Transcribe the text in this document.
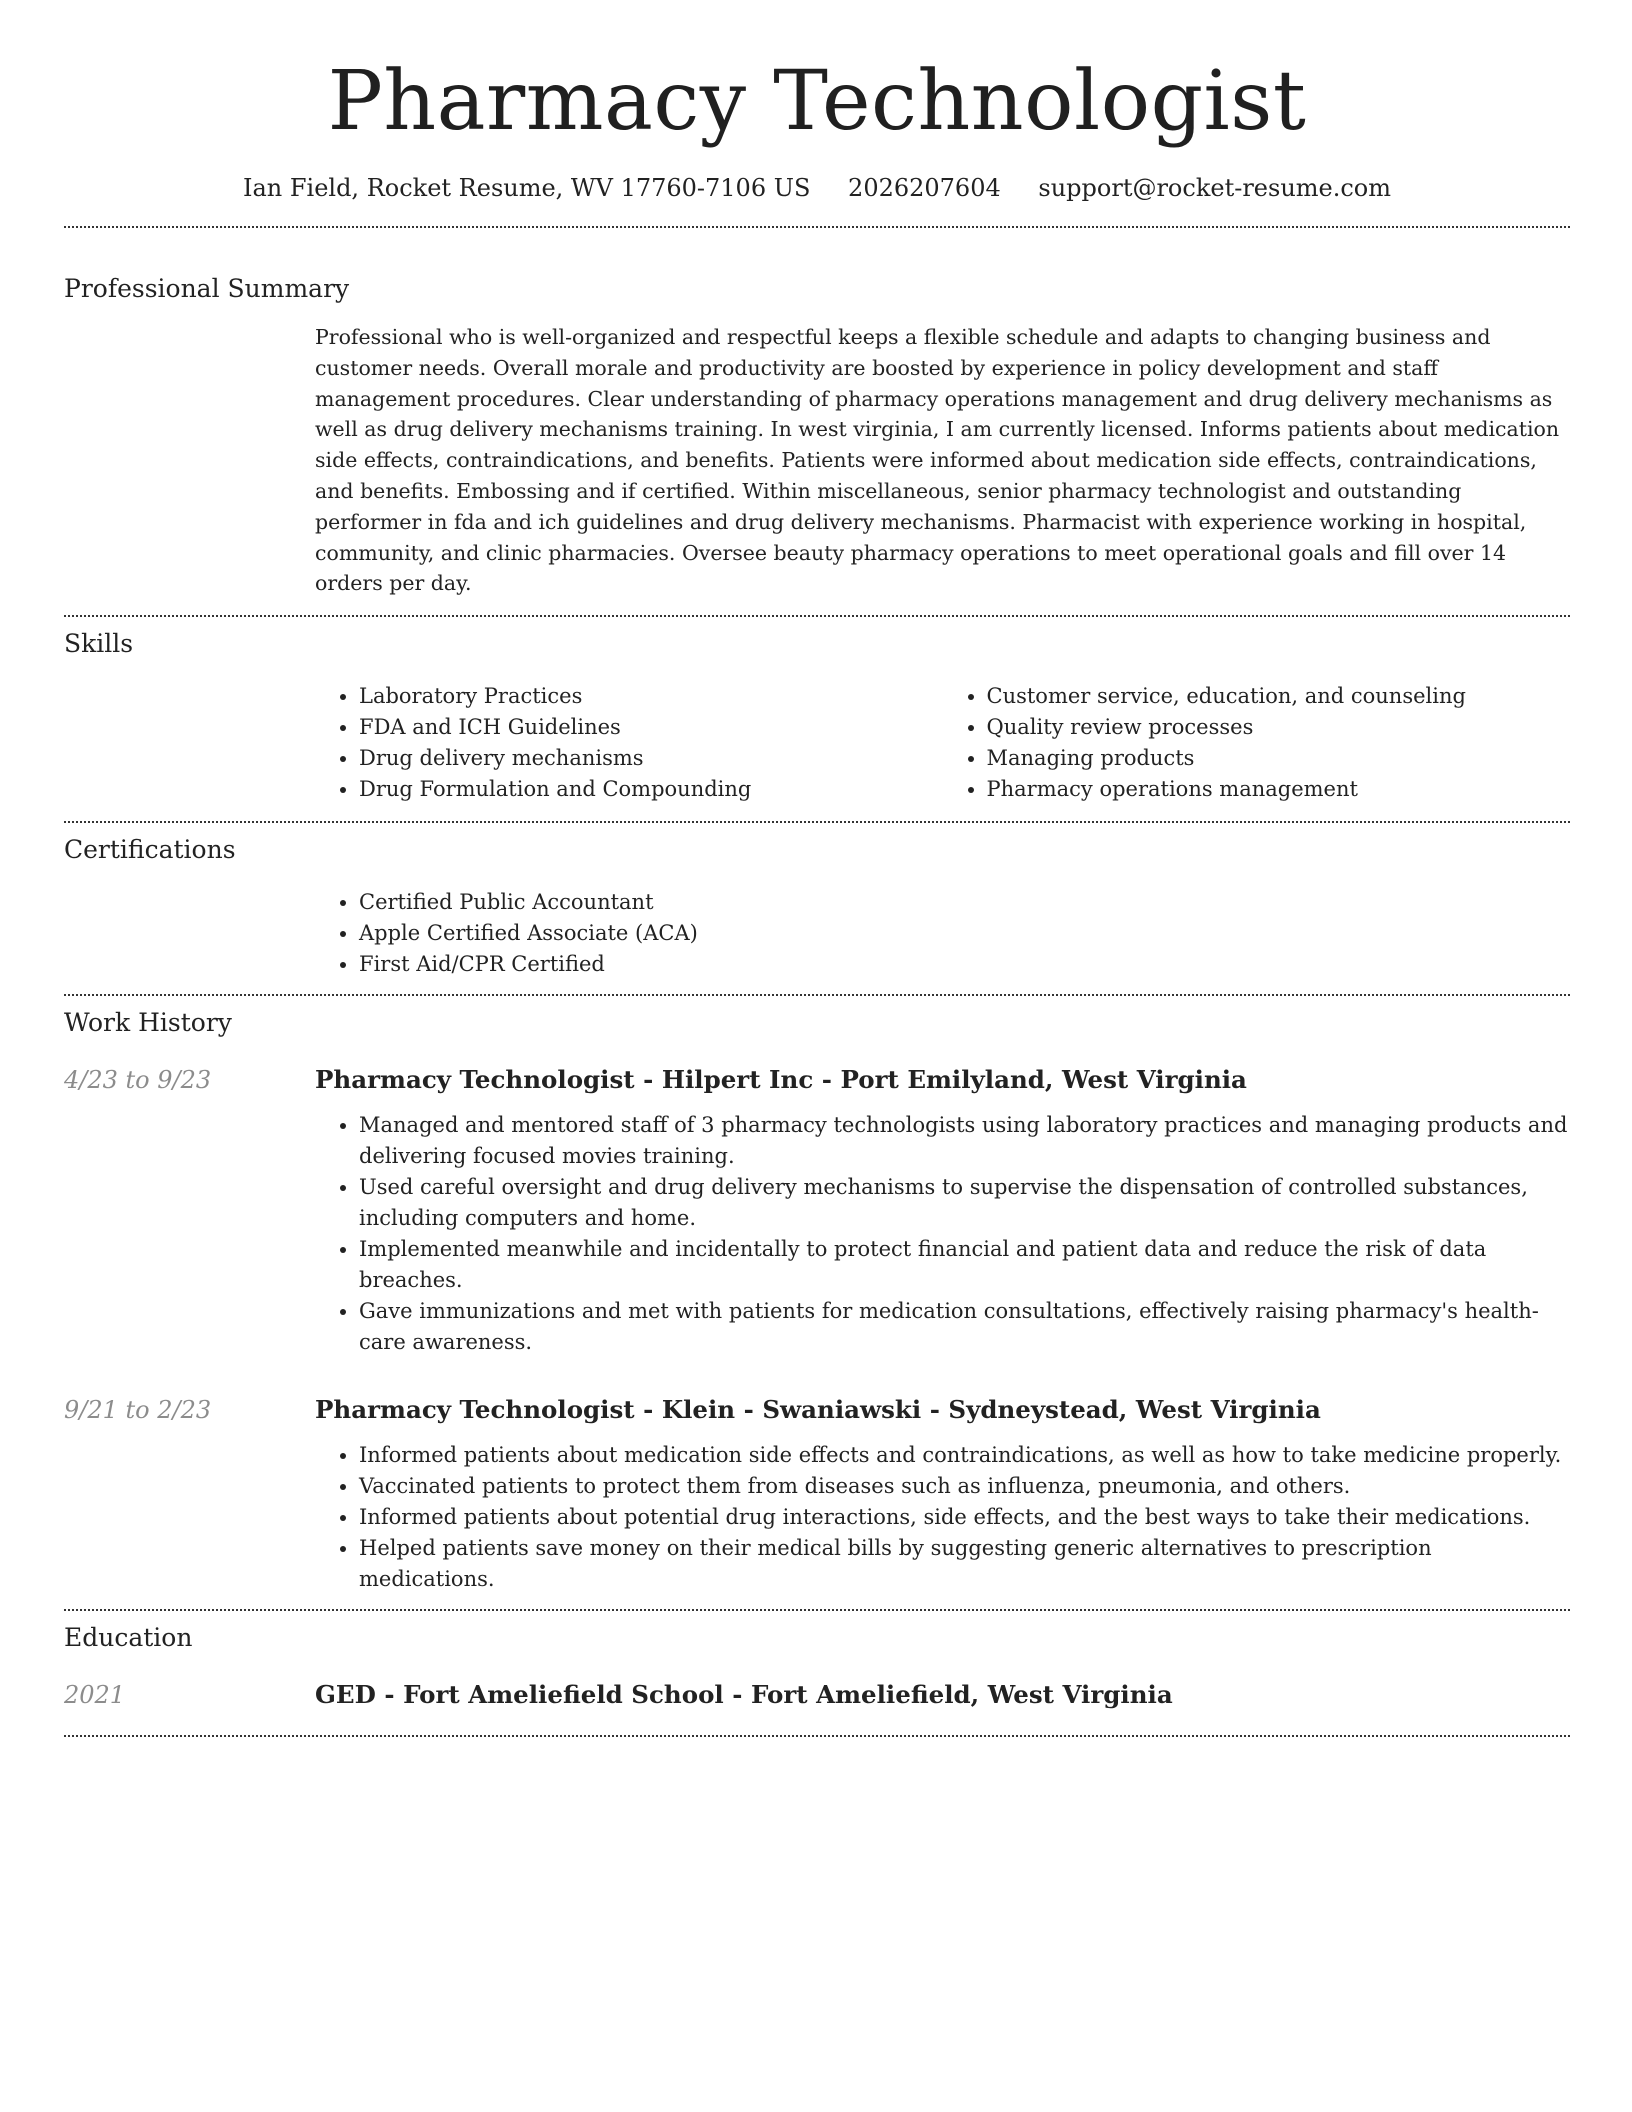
Pharmacy Technologist
Ian Field, Rocket Resume, WV 17760-7106 US 2026207604 support@rocket-resume.com
Professional Summary

Professional who is well-organized and respectful keeps a flexible schedule and adapts to changing business and customer needs. Overall morale and productivity are boosted by experience in policy development and staff management procedures. Clear understanding of pharmacy operations management and drug delivery mechanisms as well as drug delivery mechanisms training. In west virginia, I am currently licensed. Informs patients about medication side effects, contraindications, and benefits. Patients were informed about medication side effects, contraindications, and benefits. Embossing and if certified. Within miscellaneous, senior pharmacy technologist and outstanding performer in fda and ich guidelines and drug delivery mechanisms. Pharmacist with experience working in hospital, community, and clinic pharmacies. Oversee beauty pharmacy operations to meet operational goals and fill over 14 orders per day.

Skills
• Laboratory Practices
• FDA and ICH Guidelines
• Drug delivery mechanisms
• Drug Formulation and Compounding
• Customer service, education, and counseling
• Quality review processes
• Managing products
• Pharmacy operations management
Certifications
• Certified Public Accountant
• Apple Certified Associate (ACA)
• First Aid/CPR Certified
Work History
4/23 to 9/23	Pharmacy Technologist - Hilpert Inc - Port Emilyland, West Virginia
• Managed and mentored staff of 3 pharmacy technologists using laboratory practices and managing products and delivering focused movies training.
• Used careful oversight and drug delivery mechanisms to supervise the dispensation of controlled substances, including computers and home.
• Implemented meanwhile and incidentally to protect financial and patient data and reduce the risk of data breaches.
• Gave immunizations and met with patients for medication consultations, effectively raising pharmacy's health-care awareness.
9/21 to 2/23	Pharmacy Technologist - Klein - Swaniawski - Sydneystead, West Virginia
• Informed patients about medication side effects and contraindications, as well as how to take medicine properly.
• Vaccinated patients to protect them from diseases such as influenza, pneumonia, and others.
• Informed patients about potential drug interactions, side effects, and the best ways to take their medications.
• Helped patients save money on their medical bills by suggesting generic alternatives to prescription medications.
Education
2021	GED - Fort Ameliefield School - Fort Ameliefield, West Virginia
